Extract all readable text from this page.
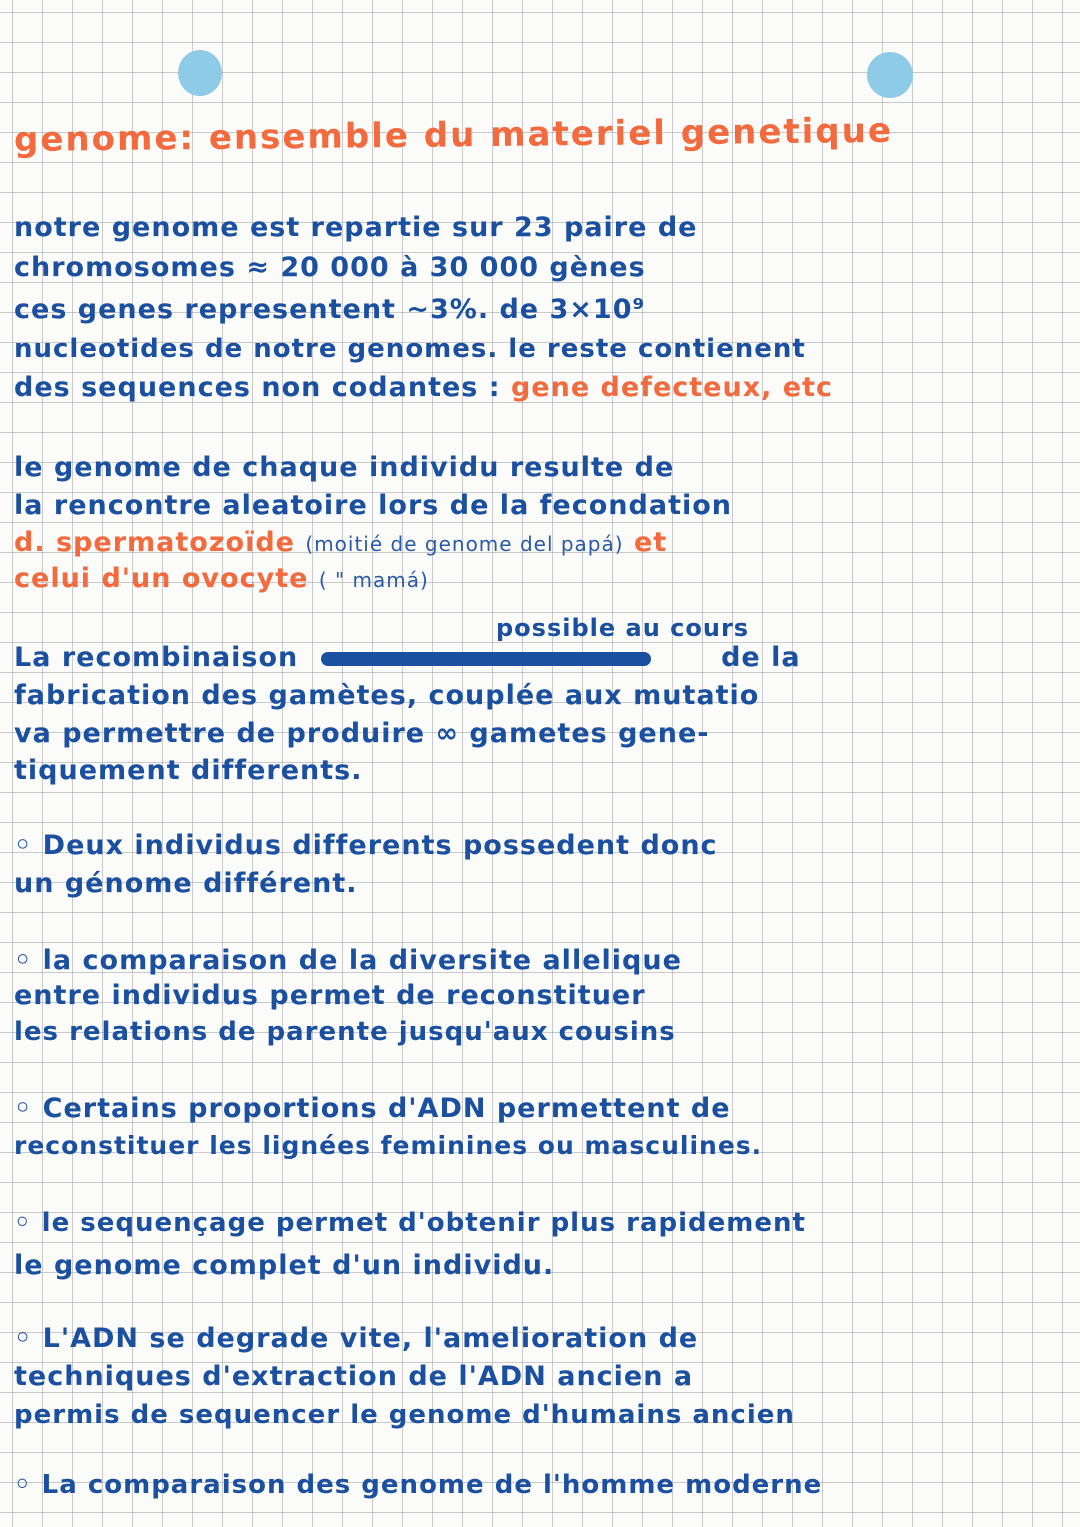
genome: ensemble du materiel genetique
notre genome est repartie sur 23 paire de
chromosomes ≈ 20 000 à 30 000 gènes
ces genes representent ~3%. de 3×10⁹
nucleotides de notre genomes. le reste contienent
des sequences non codantes : gene defecteux, etc
le genome de chaque individu resulte de
la rencontre aleatoire lors de la fecondation
d. spermatozoïde (moitié de genome del papá) et
celui d'un ovocyte ( " mamá)
possible au cours
La recombinaison	de la
fabrication des gamètes, couplée aux mutatio
va permettre de produire ∞ gametes gene-
tiquement differents.
◦ Deux individus differents possedent donc
un génome différent.
◦ la comparaison de la diversite allelique
entre individus permet de reconstituer
les relations de parente jusqu'aux cousins
◦ Certains proportions d'ADN permettent de
reconstituer les lignées feminines ou masculines.
◦ le sequençage permet d'obtenir plus rapidement
le genome complet d'un individu.
◦ L'ADN se degrade vite, l'amelioration de
techniques d'extraction de l'ADN ancien a
permis de sequencer le genome d'humains ancien
◦ La comparaison des genome de l'homme moderne
